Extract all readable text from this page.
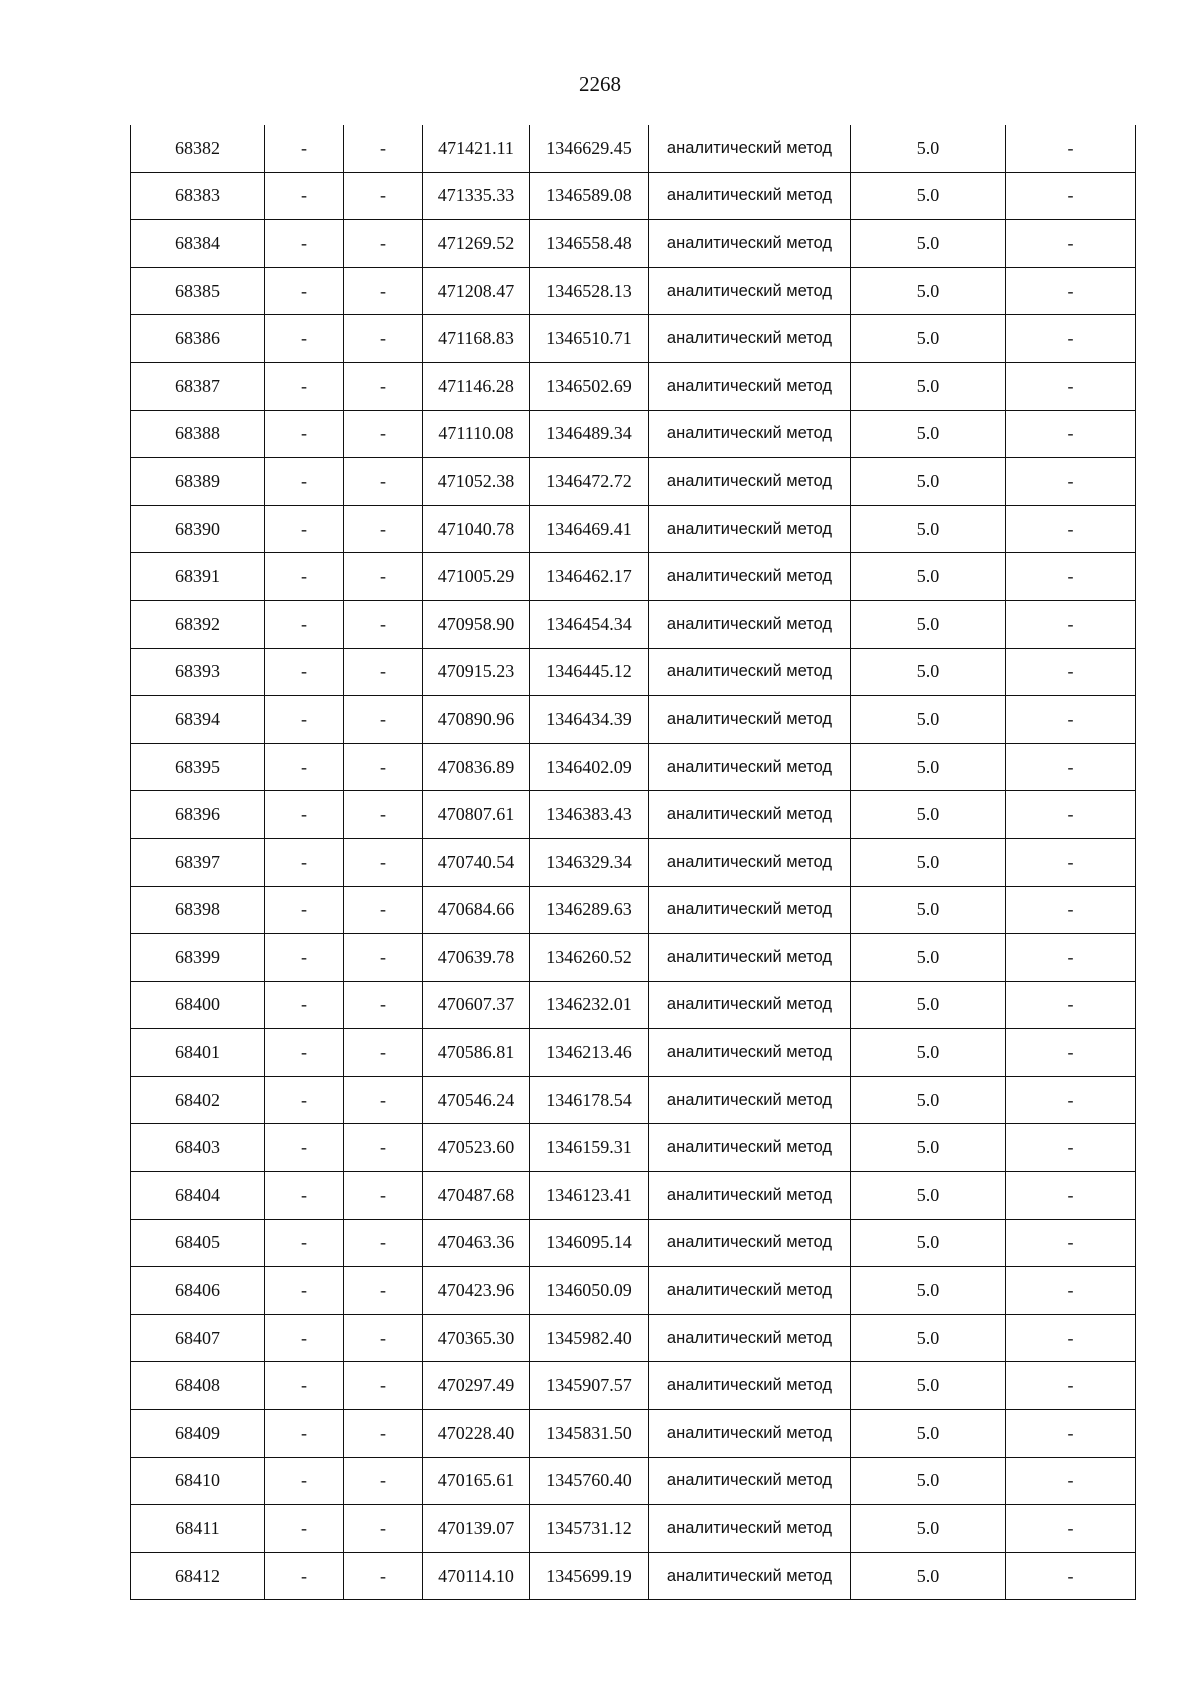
2268
68382	-	-	471421.11	1346629.45	аналитический метод	5.0	-
68383	-	-	471335.33	1346589.08	аналитический метод	5.0	-
68384	-	-	471269.52	1346558.48	аналитический метод	5.0	-
68385	-	-	471208.47	1346528.13	аналитический метод	5.0	-
68386	-	-	471168.83	1346510.71	аналитический метод	5.0	-
68387	-	-	471146.28	1346502.69	аналитический метод	5.0	-
68388	-	-	471110.08	1346489.34	аналитический метод	5.0	-
68389	-	-	471052.38	1346472.72	аналитический метод	5.0	-
68390	-	-	471040.78	1346469.41	аналитический метод	5.0	-
68391	-	-	471005.29	1346462.17	аналитический метод	5.0	-
68392	-	-	470958.90	1346454.34	аналитический метод	5.0	-
68393	-	-	470915.23	1346445.12	аналитический метод	5.0	-
68394	-	-	470890.96	1346434.39	аналитический метод	5.0	-
68395	-	-	470836.89	1346402.09	аналитический метод	5.0	-
68396	-	-	470807.61	1346383.43	аналитический метод	5.0	-
68397	-	-	470740.54	1346329.34	аналитический метод	5.0	-
68398	-	-	470684.66	1346289.63	аналитический метод	5.0	-
68399	-	-	470639.78	1346260.52	аналитический метод	5.0	-
68400	-	-	470607.37	1346232.01	аналитический метод	5.0	-
68401	-	-	470586.81	1346213.46	аналитический метод	5.0	-
68402	-	-	470546.24	1346178.54	аналитический метод	5.0	-
68403	-	-	470523.60	1346159.31	аналитический метод	5.0	-
68404	-	-	470487.68	1346123.41	аналитический метод	5.0	-
68405	-	-	470463.36	1346095.14	аналитический метод	5.0	-
68406	-	-	470423.96	1346050.09	аналитический метод	5.0	-
68407	-	-	470365.30	1345982.40	аналитический метод	5.0	-
68408	-	-	470297.49	1345907.57	аналитический метод	5.0	-
68409	-	-	470228.40	1345831.50	аналитический метод	5.0	-
68410	-	-	470165.61	1345760.40	аналитический метод	5.0	-
68411	-	-	470139.07	1345731.12	аналитический метод	5.0	-
68412	-	-	470114.10	1345699.19	аналитический метод	5.0	-
